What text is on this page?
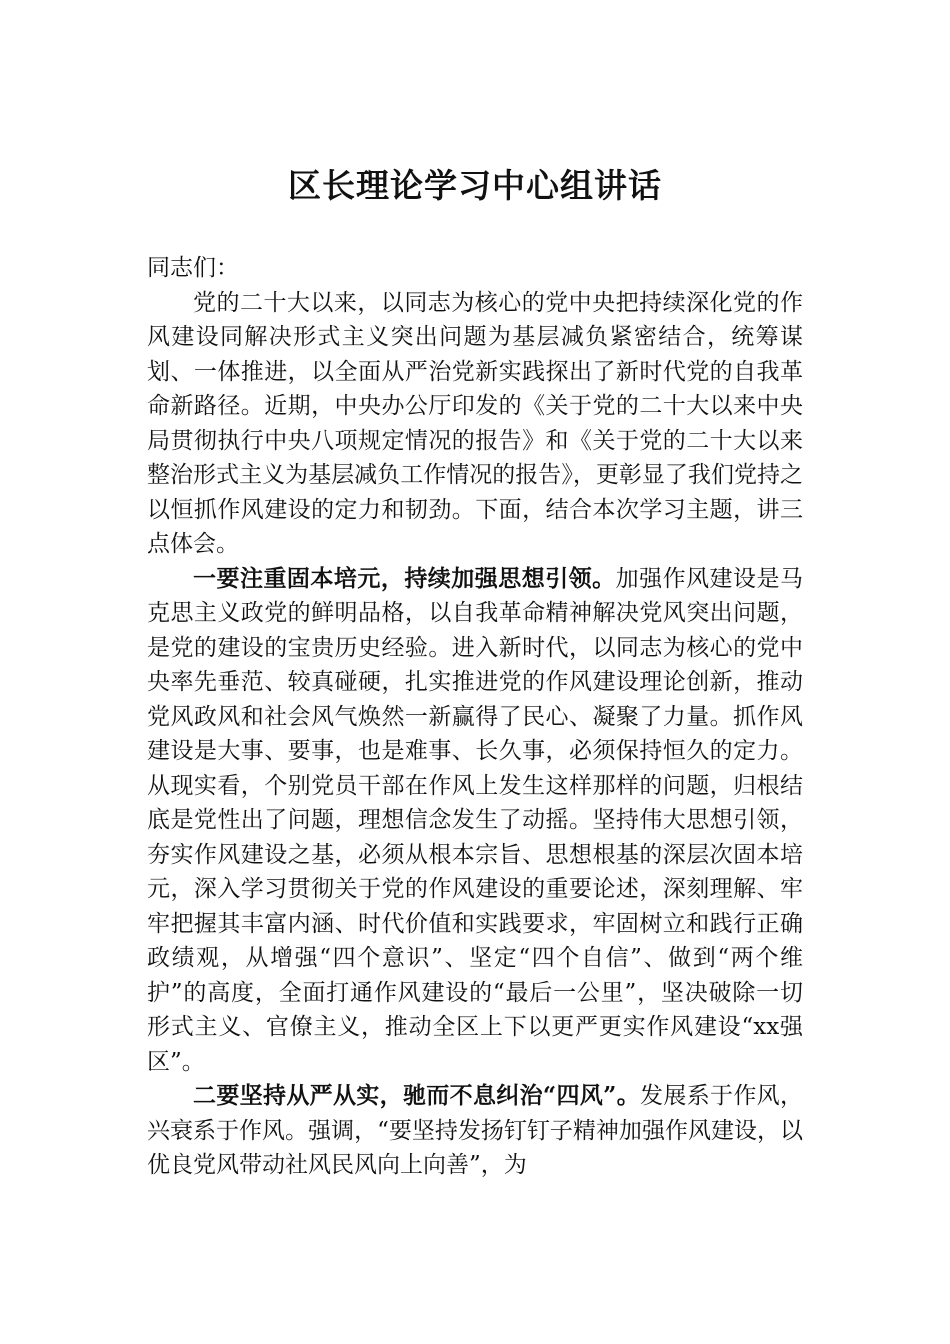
区长理论学习中心组讲话

同志们：

党的二十大以来，以同志为核心的党中央把持续深化党的作风建设同解决形式主义突出问题为基层减负紧密结合，统筹谋划、一体推进，以全面从严治党新实践探出了新时代党的自我革命新路径。近期，中央办公厅印发的《关于党的二十大以来中央局贯彻执行中央八项规定情况的报告》和《关于党的二十大以来整治形式主义为基层减负工作情况的报告》，更彰显了我们党持之以恒抓作风建设的定力和韧劲。下面，结合本次学习主题，讲三点体会。

一要注重固本培元，持续加强思想引领。加强作风建设是马克思主义政党的鲜明品格，以自我革命精神解决党风突出问题，是党的建设的宝贵历史经验。进入新时代，以同志为核心的党中央率先垂范、较真碰硬，扎实推进党的作风建设理论创新，推动党风政风和社会风气焕然一新赢得了民心、凝聚了力量。抓作风建设是大事、要事，也是难事、长久事，必须保持恒久的定力。从现实看，个别党员干部在作风上发生这样那样的问题，归根结底是党性出了问题，理想信念发生了动摇。坚持伟大思想引领，夯实作风建设之基，必须从根本宗旨、思想根基的深层次固本培元，深入学习贯彻关于党的作风建设的重要论述，深刻理解、牢牢把握其丰富内涵、时代价值和实践要求，牢固树立和践行正确政绩观，从增强“四个意识”、坚定“四个自信”、做到“两个维护”的高度，全面打通作风建设的“最后一公里”，坚决破除一切形式主义、官僚主义，推动全区上下以更严更实作风建设“xx强区”。

二要坚持从严从实，驰而不息纠治“四风”。发展系于作风，兴衰系于作风。强调，“要坚持发扬钉钉子精神加强作风建设，以优良党风带动社风民风向上向善”，为
